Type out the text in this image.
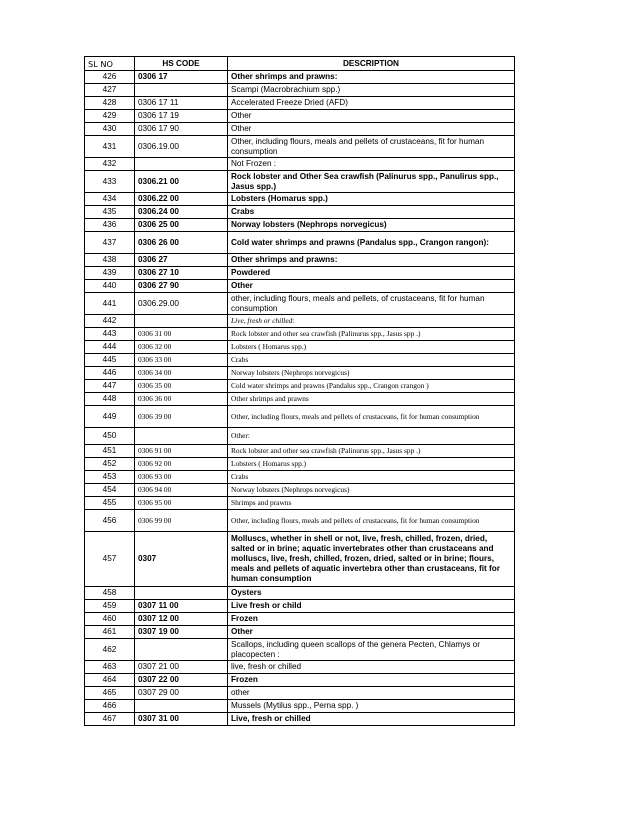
SL NO	HS CODE	DESCRIPTION
426	0306 17	Other shrimps and prawns:
427		Scampi (Macrobrachium spp.)
428	0306 17 11	Accelerated Freeze Dried (AFD)
429	0306 17 19	Other
430	0306 17 90	Other
431	0306.19.00	Other, including flours, meals and pellets of crustaceans, fit for human consumption
432		Not Frozen :
433	0306.21 00	Rock lobster and Other Sea crawfish (Palinurus spp., Panulirus spp., Jasus spp.)
434	0306.22 00	Lobsters (Homarus spp.)
435	0306.24 00	Crabs
436	0306 25 00	Norway lobsters (Nephrops norvegicus)
437	0306 26 00	Cold water shrimps and prawns (Pandalus spp., Crangon rangon):
438	0306 27	Other shrimps and prawns:
439	0306 27 10	Powdered
440	0306 27 90	Other
441	0306.29.00	other, including flours, meals and pellets, of crustaceans, fit for human consumption
442		Live, fresh or chilled:
443	0306 31 00	Rock lobster and other sea crawfish (Palinurus spp., Jasus spp .)
444	0306 32 00	Lobsters ( Homarus spp.)
445	0306 33 00	Crabs
446	0306 34 00	Norway lobsters (Nephrops norvegicus)
447	0306 35 00	Cold water shrimps and prawns (Pandalus spp., Crangon crangon )
448	0306 36 00	Other shrimps and prawns
449	0306 39 00	Other, including flours, meals and pellets of crustaceans, fit for human consumption
450		Other:
451	0306 91 00	Rock lobster and other sea crawfish (Palinurus spp., Jasus spp .)
452	0306 92 00	Lobsters ( Homarus spp.)
453	0306 93 00	Crabs
454	0306 94 00	Norway lobsters (Nephrops norvegicus)
455	0306 95 00	Shrimps and prawns
456	0306 99 00	Other, including flours, meals and pellets of crustaceans, fit for human consumption
457	0307	Molluscs, whether in shell or not, live, fresh, chilled, frozen, dried, salted or in brine; aquatic invertebrates other than crustaceans and molluscs, live, fresh, chilled, frozen, dried, salted or in brine; flours, meals and pellets of aquatic invertebra other than crustaceans, fit for human consumption
458		Oysters
459	0307 11 00	Live fresh or child
460	0307 12 00	Frozen
461	0307 19 00	Other
462		Scallops, including queen scallops of the genera Pecten, Chlamys or placopecten :
463	0307 21 00	live, fresh or chilled
464	0307 22 00	Frozen
465	0307 29 00	other
466		Mussels (Mytilus spp., Perna spp. )
467	0307 31 00	Live, fresh or chilled
